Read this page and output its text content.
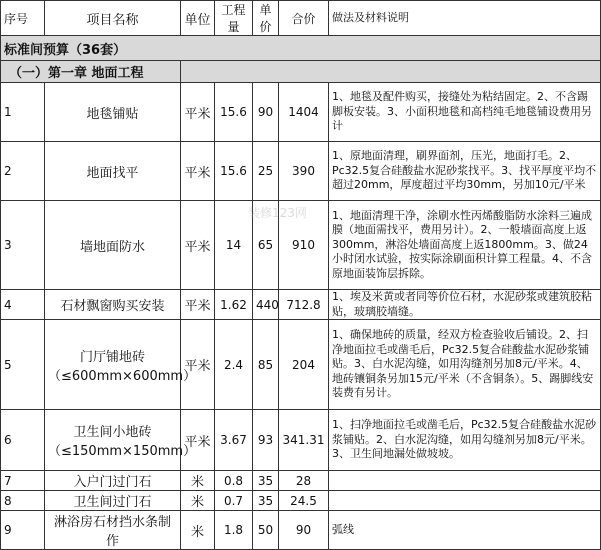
序号	项目名称	单位	工程量	单价	合价	做法及材料说明
标准间预算（36套）						
（一）第一章 地面工程						
1	地毯铺贴	平米	15.6	90	1404	1、地毯及配件购买，接缝处为粘结固定。2、不含踢脚板安装。3、小面积地毯和高档纯毛地毯铺设费用另计
2	地面找平	平米	15.6	25	390	1、原地面清理，刷界面剂，压光，地面打毛。2、Pc32.5复合硅酸盐水泥砂浆找平。3、找平厚度平均不超过20mm，厚度超过平均30mm，另加10元/平米
3	墙地面防水	平米	14	65	910	1、地面清理干净，涂刷水性丙烯酸脂防水涂料三遍成膜（地面需找平，费用另计）。2、一般墙面高度上返300mm，淋浴处墙面高度上返1800mm。3、做24小时闭水试验，按实际涂刷面积计算工程量。4、不含原地面装饰层拆除。
4	石材飘窗购买安装	平米	1.62	440	712.8	1、埃及米黄或者同等价位石材，水泥砂浆或建筑胶粘贴，玻璃胶墙缝。
5	门厅铺地砖（≤600mm×600mm）	平米	2.4	85	204	1、确保地砖的质量，经双方检查验收后铺设。2、扫净地面拉毛或凿毛后，Pc32.5复合硅酸盐水泥砂浆铺贴。3、白水泥沟缝，如用沟缝剂另加8元/平米。4、地砖镶铜条另加15元/平米（不含铜条）。5、踢脚线安装费有另计。
6	卫生间小地砖（≤150mm×150mm）	平米	3.67	93	341.31	1、扫净地面拉毛或凿毛后，Pc32.5复合硅酸盐水泥砂浆铺贴。2、白水泥沟缝，如用勾缝剂另加8元/平米。3、卫生间地漏处做坡坡。
7	入户门过门石	米	0.8	35	28	
8	卫生间过门石	米	0.7	35	24.5	
9	淋浴房石材挡水条制作	米	1.8	50	90	弧线
装修123网
